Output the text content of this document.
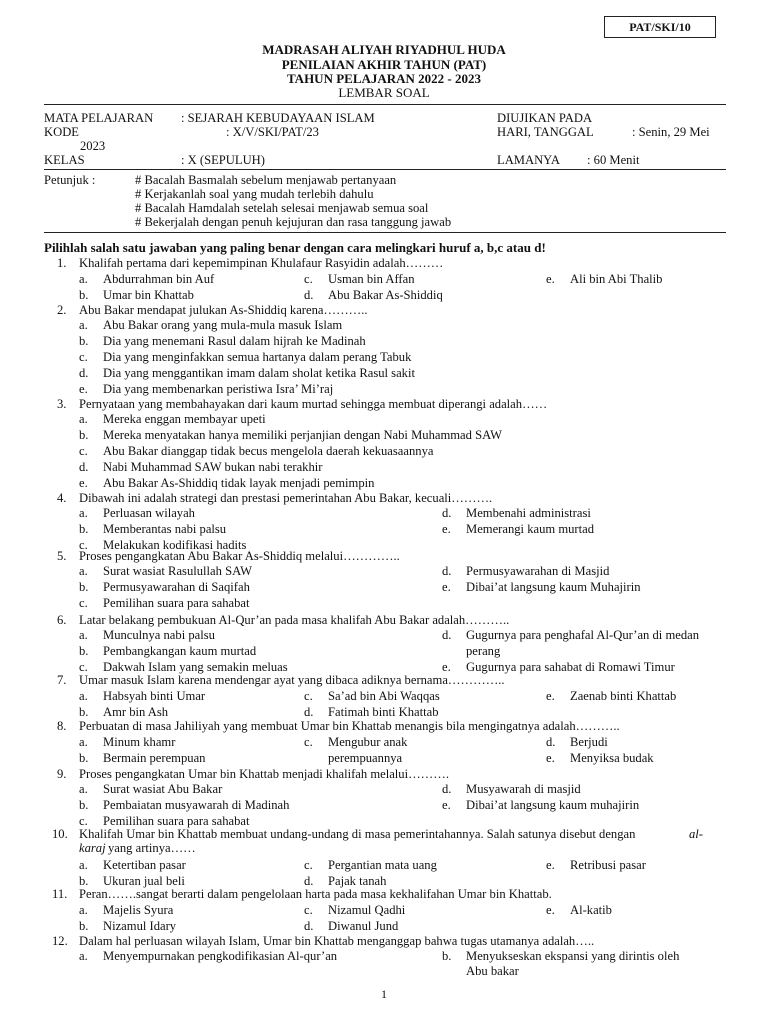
PAT/SKI/10
MADRASAH ALIYAH RIYADHUL HUDA
PENILAIAN AKHIR TAHUN (PAT)
TAHUN PELAJARAN 2022 - 2023
LEMBAR SOAL
MATA PELAJARAN : SEJARAH KEBUDAYAAN ISLAM
KODE	: X/V/SKI/PAT/23
KELAS	: X (SEPULUH)
DIUJIKAN PADA
HARI, TANGGAL	: Senin, 29 Mei
2023
LAMANYA : 60 Menit
Petunjuk :	# Bacalah Basmalah sebelum menjawab pertanyaan
# Kerjakanlah soal yang mudah terlebih dahulu
# Bacalah Hamdalah setelah selesai menjawab semua soal
# Bekerjalah dengan penuh kejujuran dan rasa tanggung jawab
Pilihlah salah satu jawaban yang paling benar dengan cara melingkari huruf a, b,c atau d!
1. Khalifah pertama dari kepemimpinan Khulafaur Rasyidin adalah………
a. Abdurrahman bin Auf	c. Usman bin Affan	e. Ali bin Abi Thalib
b. Umar bin Khattab	d. Abu Bakar As-Shiddiq
2. Abu Bakar mendapat julukan As-Shiddiq karena………..
a. Abu Bakar orang yang mula-mula masuk Islam
b. Dia yang menemani Rasul dalam hijrah ke Madinah
c. Dia yang menginfakkan semua hartanya dalam perang Tabuk
d. Dia yang menggantikan imam dalam sholat ketika Rasul sakit
e. Dia yang membenarkan peristiwa Isra’ Mi’raj
3. Pernyataan yang membahayakan dari kaum murtad sehingga membuat diperangi adalah……
a. Mereka enggan membayar upeti
b. Mereka menyatakan hanya memiliki perjanjian dengan Nabi Muhammad SAW
c. Abu Bakar dianggap tidak becus mengelola daerah kekuasaannya
d. Nabi Muhammad SAW bukan nabi terakhir
e. Abu Bakar As-Shiddiq tidak layak menjadi pemimpin
4. Dibawah ini adalah strategi dan prestasi pemerintahan Abu Bakar, kecuali……….
a. Perluasan wilayah	d. Membenahi administrasi
b. Memberantas nabi palsu	e. Memerangi kaum murtad
c. Melakukan kodifikasi hadits
5. Proses pengangkatan Abu Bakar As-Shiddiq melalui…………..
a. Surat wasiat Rasulullah SAW	d. Permusyawarahan di Masjid
b. Permusyawarahan di Saqifah	e. Dibai’at langsung kaum Muhajirin
c. Pemilihan suara para sahabat
6. Latar belakang pembukuan Al-Qur’an pada masa khalifah Abu Bakar adalah………..
a. Munculnya nabi palsu	d. Gugurnya para penghafal Al-Qur’an di medan
b. Pembangkangan kaum murtad	perang
c. Dakwah Islam yang semakin meluas	e. Gugurnya para sahabat di Romawi Timur
7. Umar masuk Islam karena mendengar ayat yang dibaca adiknya bernama…………..
a. Habsyah binti Umar	c. Sa’ad bin Abi Waqqas	e. Zaenab binti Khattab
b. Amr bin Ash	d. Fatimah binti Khattab
8. Perbuatan di masa Jahiliyah yang membuat Umar bin Khattab menangis bila mengingatnya adalah………..
a. Minum khamr	c. Mengubur anak	d. Berjudi
b. Bermain perempuan	perempuannya	e. Menyiksa budak
9. Proses pengangkatan Umar bin Khattab menjadi khalifah melalui……….
a. Surat wasiat Abu Bakar	d. Musyawarah di masjid
b. Pembaiatan musyawarah di Madinah	e. Dibai’at langsung kaum muhajirin
c. Pemilihan suara para sahabat
10. Khalifah Umar bin Khattab membuat undang-undang di masa pemerintahannya. Salah satunya disebut dengan	al-
karaj yang artinya……
a. Ketertiban pasar	c. Pergantian mata uang	e. Retribusi pasar
b. Ukuran jual beli	d. Pajak tanah
11. Peran…….sangat berarti dalam pengelolaan harta pada masa kekhalifahan Umar bin Khattab.
a. Majelis Syura	c. Nizamul Qadhi	e. Al-katib
b. Nizamul Idary	d. Diwanul Jund
12. Dalam hal perluasan wilayah Islam, Umar bin Khattab menganggap bahwa tugas utamanya adalah…..
a. Menyempurnakan pengkodifikasian Al-qur’an	b. Menyukseskan ekspansi yang dirintis oleh
Abu bakar
1
